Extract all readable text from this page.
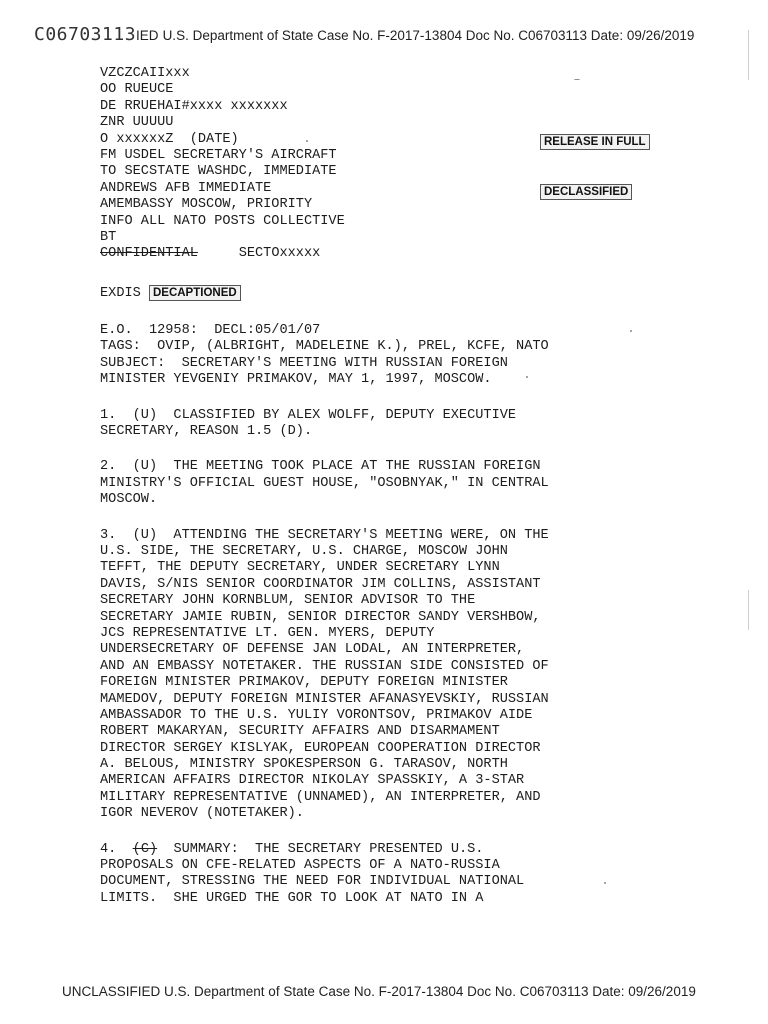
C06703113IED U.S. Department of State Case No. F-2017-13804 Doc No. C06703113 Date: 09/26/2019
RELEASE IN FULL
DECLASSIFIED
VZCZCAIIxxx
OO RUEUCE
DE RRUEHAI#xxxx xxxxxxx
ZNR UUUUU
O xxxxxxZ  (DATE)
FM USDEL SECRETARY'S AIRCRAFT
TO SECSTATE WASHDC, IMMEDIATE
ANDREWS AFB IMMEDIATE
AMEMBASSY MOSCOW, PRIORITY
INFO ALL NATO POSTS COLLECTIVE
BT
CONFIDENTIAL	SECTOxxxxx
EXDIS DECAPTIONED
E.O.  12958:  DECL:05/01/07
TAGS:  OVIP, (ALBRIGHT, MADELEINE K.), PREL, KCFE, NATO
SUBJECT:  SECRETARY'S MEETING WITH RUSSIAN FOREIGN
MINISTER YEVGENIY PRIMAKOV, MAY 1, 1997, MOSCOW.
1.  (U)  CLASSIFIED BY ALEX WOLFF, DEPUTY EXECUTIVE
SECRETARY, REASON 1.5 (D).
2.  (U)  THE MEETING TOOK PLACE AT THE RUSSIAN FOREIGN
MINISTRY'S OFFICIAL GUEST HOUSE, "OSOBNYAK," IN CENTRAL
MOSCOW.
3.  (U)  ATTENDING THE SECRETARY'S MEETING WERE, ON THE
U.S. SIDE, THE SECRETARY, U.S. CHARGE, MOSCOW JOHN
TEFFT, THE DEPUTY SECRETARY, UNDER SECRETARY LYNN
DAVIS, S/NIS SENIOR COORDINATOR JIM COLLINS, ASSISTANT
SECRETARY JOHN KORNBLUM, SENIOR ADVISOR TO THE
SECRETARY JAMIE RUBIN, SENIOR DIRECTOR SANDY VERSHBOW,
JCS REPRESENTATIVE LT. GEN. MYERS, DEPUTY
UNDERSECRETARY OF DEFENSE JAN LODAL, AN INTERPRETER,
AND AN EMBASSY NOTETAKER. THE RUSSIAN SIDE CONSISTED OF
FOREIGN MINISTER PRIMAKOV, DEPUTY FOREIGN MINISTER
MAMEDOV, DEPUTY FOREIGN MINISTER AFANASYEVSKIY, RUSSIAN
AMBASSADOR TO THE U.S. YULIY VORONTSOV, PRIMAKOV AIDE
ROBERT MAKARYAN, SECURITY AFFAIRS AND DISARMAMENT
DIRECTOR SERGEY KISLYAK, EUROPEAN COOPERATION DIRECTOR
A. BELOUS, MINISTRY SPOKESPERSON G. TARASOV, NORTH
AMERICAN AFFAIRS DIRECTOR NIKOLAY SPASSKIY, A 3-STAR
MILITARY REPRESENTATIVE (UNNAMED), AN INTERPRETER, AND
IGOR NEVEROV (NOTETAKER).
4. (C) SUMMARY:  THE SECRETARY PRESENTED U.S.
PROPOSALS ON CFE-RELATED ASPECTS OF A NATO-RUSSIA
DOCUMENT, STRESSING THE NEED FOR INDIVIDUAL NATIONAL
LIMITS.  SHE URGED THE GOR TO LOOK AT NATO IN A
UNCLASSIFIED U.S. Department of State Case No. F-2017-13804 Doc No. C06703113 Date: 09/26/2019
